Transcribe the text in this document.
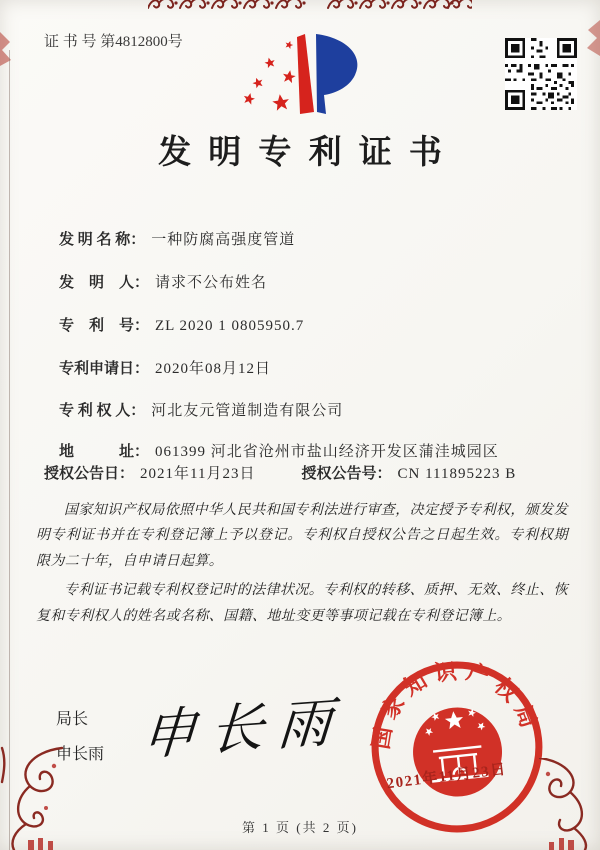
证 书 号 第4812800号
发明专利证书

发 明 名 称： 一种防腐高强度管道

发　明　人： 请求不公布姓名

专　利　号： ZL 2020 1 0805950.7

专利申请日： 2020年08月12日

专 利 权 人： 河北友元管道制造有限公司

地　　　址： 061399 河北省沧州市盐山经济开发区蒲洼城园区

授权公告日： 2021年11月23日	授权公告号： CN 111895223 B

国家知识产权局依照中华人民共和国专利法进行审查，决定授予专利权，颁发发明专利证书并在专利登记簿上予以登记。专利权自授权公告之日起生效。专利权期限为二十年，自申请日起算。

专利证书记载专利权登记时的法律状况。专利权的转移、质押、无效、终止、恢复和专利权人的姓名或名称、国籍、地址变更等事项记载在专利登记簿上。

局长
申长雨 申长雨 国家知识产权局
2021年11月23日
第 1 页 (共 2 页)
